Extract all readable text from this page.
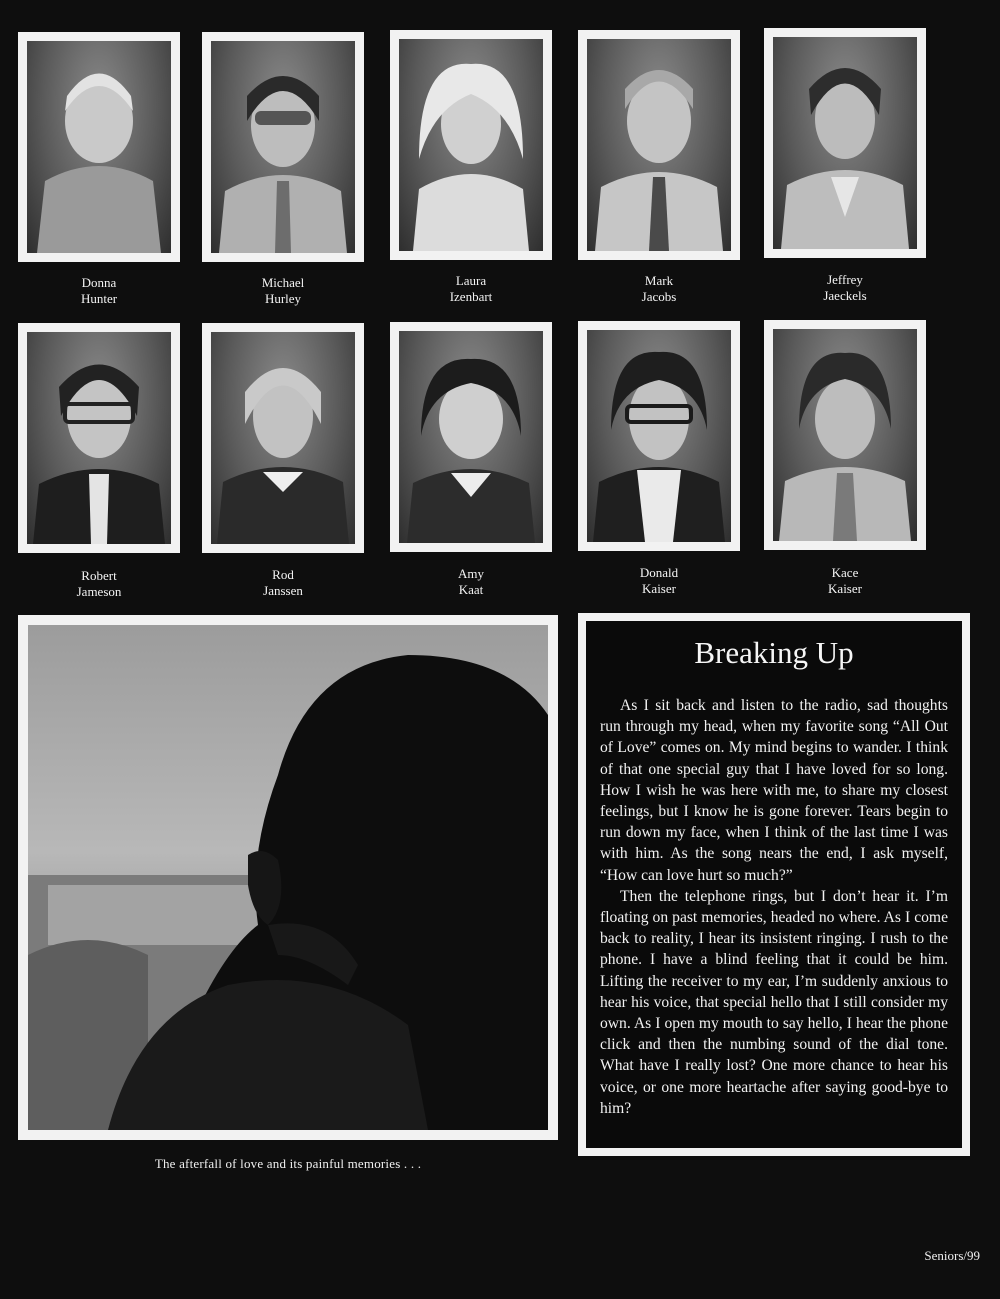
Donna
Hunter
Michael
Hurley
Laura
Izenbart
Mark
Jacobs
Jeffrey
Jaeckels
Robert
Jameson
Rod
Janssen
Amy
Kaat
Donald
Kaiser
Kace
Kaiser
The afterfall of love and its painful memories . . .
Breaking Up

As I sit back and listen to the radio, sad thoughts run through my head, when my favorite song “All Out of Love” comes on. My mind begins to wander. I think of that one special guy that I have loved for so long. How I wish he was here with me, to share my closest feelings, but I know he is gone forever. Tears begin to run down my face, when I think of the last time I was with him. As the song nears the end, I ask myself, “How can love hurt so much?”

Then the telephone rings, but I don’t hear it. I’m floating on past memories, headed no where. As I come back to reality, I hear its insistent ringing. I rush to the phone. I have a blind feeling that it could be him. Lifting the receiver to my ear, I’m suddenly anxious to hear his voice, that special hello that I still consider my own. As I open my mouth to say hello, I hear the phone click and then the numbing sound of the dial tone. What have I really lost? One more chance to hear his voice, or one more heartache after saying good-bye to him?

Seniors/99
